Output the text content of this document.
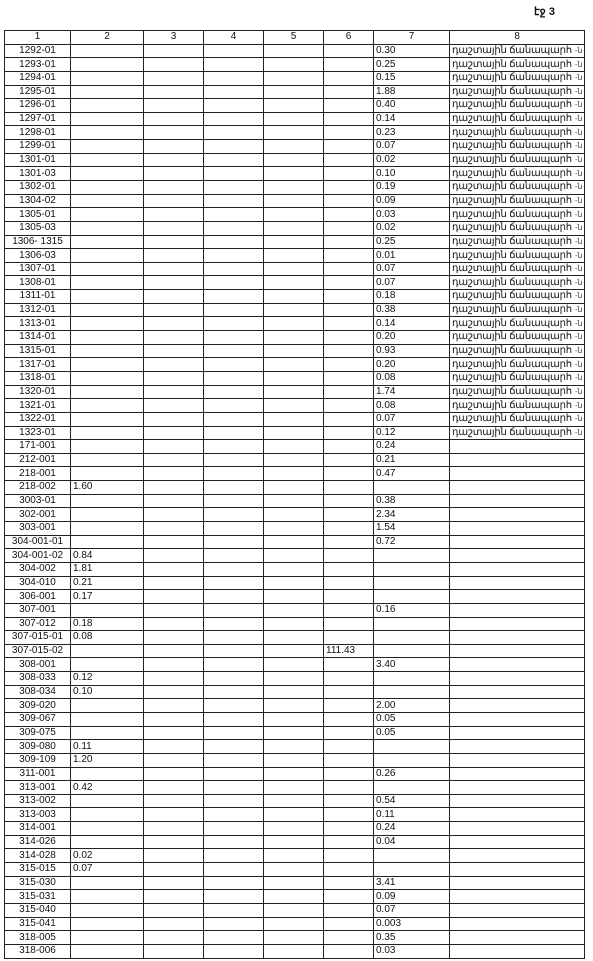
էջ 3
1	2	3	4	5	6	7	8
1292-01						0.30	դաշտային ճանապարհ -ն
1293-01						0.25	դաշտային ճանապարհ -ն
1294-01						0.15	դաշտային ճանապարհ -ն
1295-01						1.88	դաշտային ճանապարհ -ն
1296-01						0.40	դաշտային ճանապարհ -ն
1297-01						0.14	դաշտային ճանապարհ -ն
1298-01						0.23	դաշտային ճանապարհ -ն
1299-01						0.07	դաշտային ճանապարհ -ն
1301-01						0.02	դաշտային ճանապարհ -ն
1301-03						0.10	դաշտային ճանապարհ -ն
1302-01						0.19	դաշտային ճանապարհ -ն
1304-02						0.09	դաշտային ճանապարհ -ն
1305-01						0.03	դաշտային ճանապարհ -ն
1305-03						0.02	դաշտային ճանապարհ -ն
1306- 1315						0.25	դաշտային ճանապարհ -ն
1306-03						0.01	դաշտային ճանապարհ -ն
1307-01						0.07	դաշտային ճանապարհ -ն
1308-01						0.07	դաշտային ճանապարհ -ն
1311-01						0.18	դաշտային ճանապարհ -ն
1312-01						0.38	դաշտային ճանապարհ -ն
1313-01						0.14	դաշտային ճանապարհ -ն
1314-01						0.20	դաշտային ճանապարհ -ն
1315-01						0.93	դաշտային ճանապարհ -ն
1317-01						0.20	դաշտային ճանապարհ -ն
1318-01						0.08	դաշտային ճանապարհ -ն
1320-01						1.74	դաշտային ճանապարհ -ն
1321-01						0.08	դաշտային ճանապարհ -ն
1322-01						0.07	դաշտային ճանապարհ -ն
1323-01						0.12	դաշտային ճանապարհ -ն
171-001						0.24	
212-001						0.21	
218-001						0.47	
218-002	1.60						
3003-01						0.38	
302-001						2.34	
303-001						1.54	
304-001-01						0.72	
304-001-02	0.84						
304-002	1.81						
304-010	0.21						
306-001	0.17						
307-001						0.16	
307-012	0.18						
307-015-01	0.08						
307-015-02					111.43		
308-001						3.40	
308-033	0.12						
308-034	0.10						
309-020						2.00	
309-067						0.05	
309-075						0.05	
309-080	0.11						
309-109	1.20						
311-001						0.26	
313-001	0.42						
313-002						0.54	
313-003						0.11	
314-001						0.24	
314-026						0.04	
314-028	0.02						
315-015	0.07						
315-030						3.41	
315-031						0.09	
315-040						0.07	
315-041						0.003	
318-005						0.35	
318-006						0.03	
